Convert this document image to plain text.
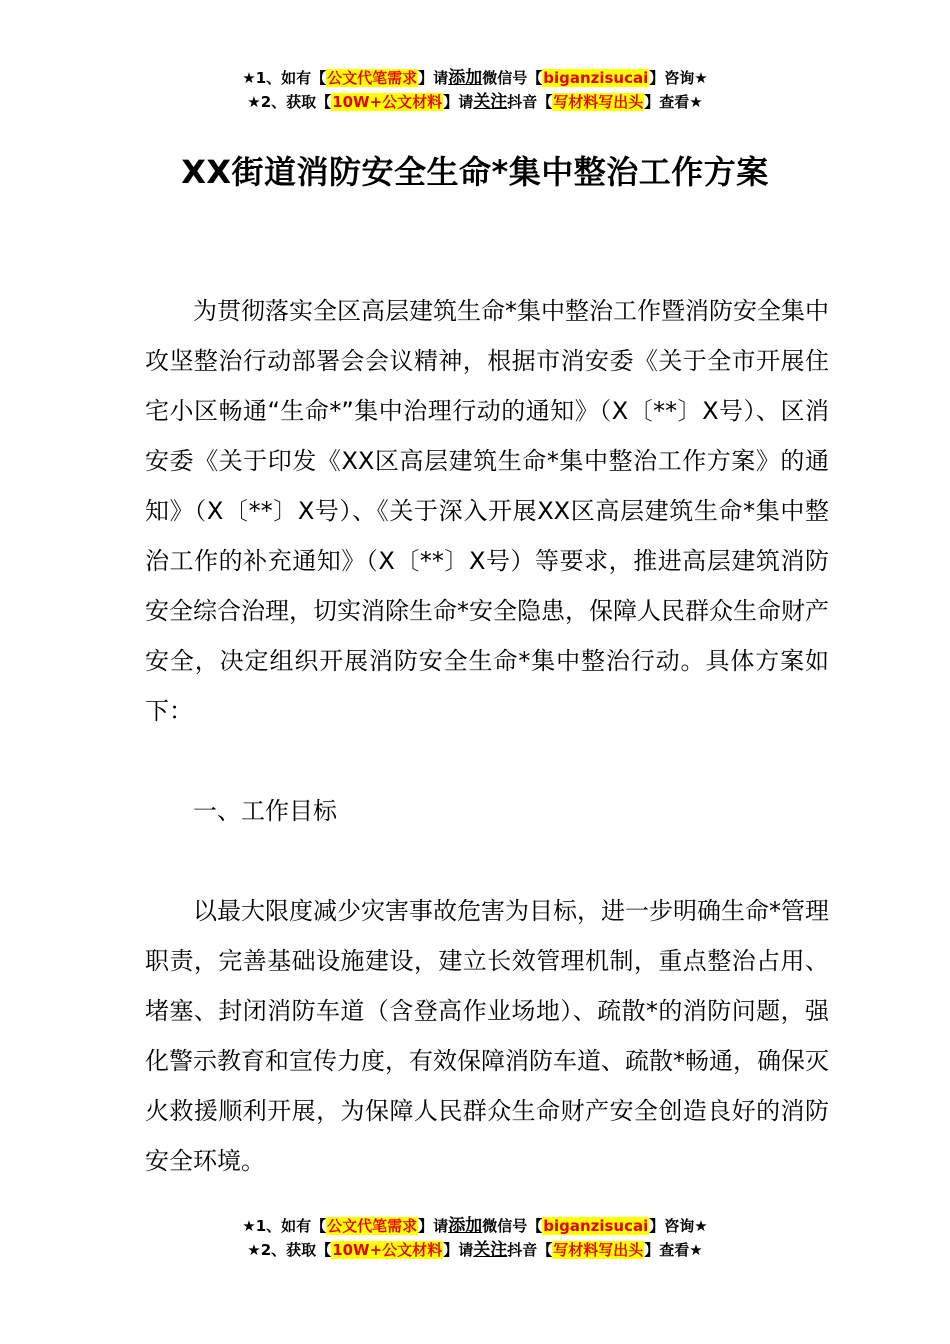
★1、如有【公文代笔需求】请添加微信号【biganzisucai】咨询★
★2、获取【10W+公文材料】请关注抖音【写材料写出头】查看★
XX街道消防安全生命*集中整治工作方案

为贯彻落实全区高层建筑生命*集中整治工作暨消防安全集中攻坚整治行动部署会会议精神，根据市消安委《关于全市开展住宅小区畅通“生命*”集中治理行动的通知》（X〔**〕X号）、区消安委《关于印发《XX区高层建筑生命*集中整治工作方案》的通知》（X〔**〕X号）、《关于深入开展XX区高层建筑生命*集中整治工作的补充通知》（X〔**〕X号）等要求，推进高层建筑消防安全综合治理，切实消除生命*安全隐患，保障人民群众生命财产安全，决定组织开展消防安全生命*集中整治行动。具体方案如下：

一、工作目标

以最大限度减少灾害事故危害为目标，进一步明确生命*管理职责，完善基础设施建设，建立长效管理机制，重点整治占用、堵塞、封闭消防车道（含登高作业场地）、疏散*的消防问题，强化警示教育和宣传力度，有效保障消防车道、疏散*畅通，确保灭火救援顺利开展，为保障人民群众生命财产安全创造良好的消防安全环境。

★1、如有【公文代笔需求】请添加微信号【biganzisucai】咨询★
★2、获取【10W+公文材料】请关注抖音【写材料写出头】查看★
